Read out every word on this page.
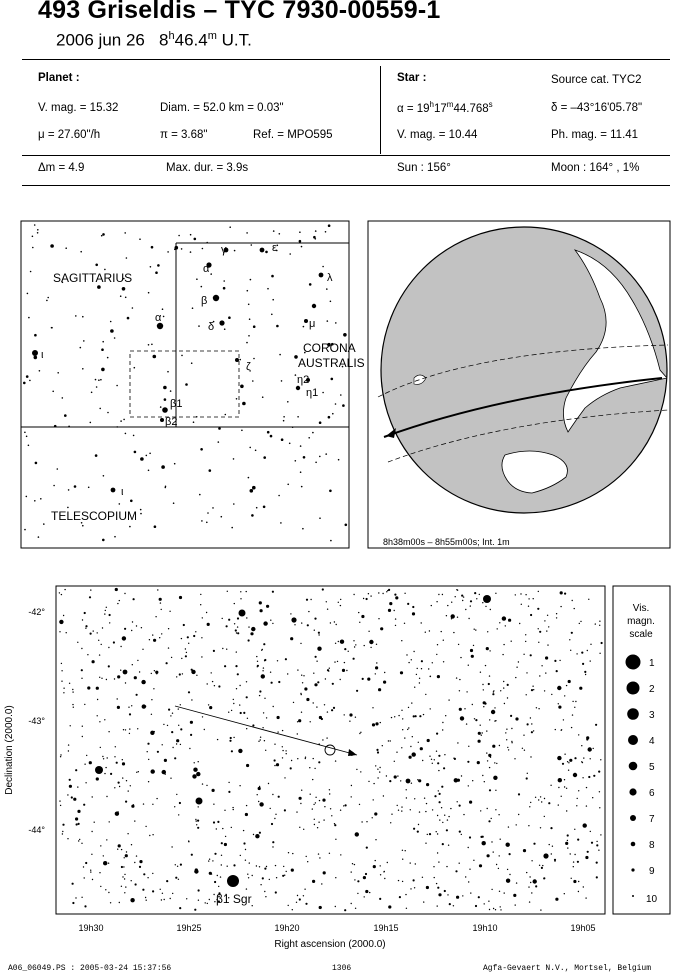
493 Griseldis – TYC 7930-00559-1
2006 jun 26 8$^h$46.4$^m$ U.T.
Planet :
V. mag. = 15.32	Diam. = 52.0 km = 0.03"
μ = 27.60"/h	π = 3.68"	Ref. = MPO595
Δm = 4.9	Max. dur. = 3.9s
Star :	Source cat. TYC2
$\alpha = 19^h17^m44.768^s$	δ = –43°16'05.78"
V. mag. = 10.44	Ph. mag. = 11.41
Sun : 156°	Moon : 164° , 1%
SAGITTARIUS
CORONA
AUSTRALIS
TELESCOPIUM
γ	ε
α
λ
β
μ
δ
α
ζ
ι
η2
η1
β1
β2
ι
8h38m00s – 8h55m00s; Int. 1m
β1 Sgr
-42°
-43°
-44°
19h30	19h25	19h20	19h15	19h10	19h05
Right ascension (2000.0)
Declination (2000.0)
Vis.
magn.
scale
1
2
3
4
5
6
7
8
9
10
A06_06049.PS : 2005-03-24 15:37:56	1306	Agfa-Gevaert N.V., Mortsel, Belgium
